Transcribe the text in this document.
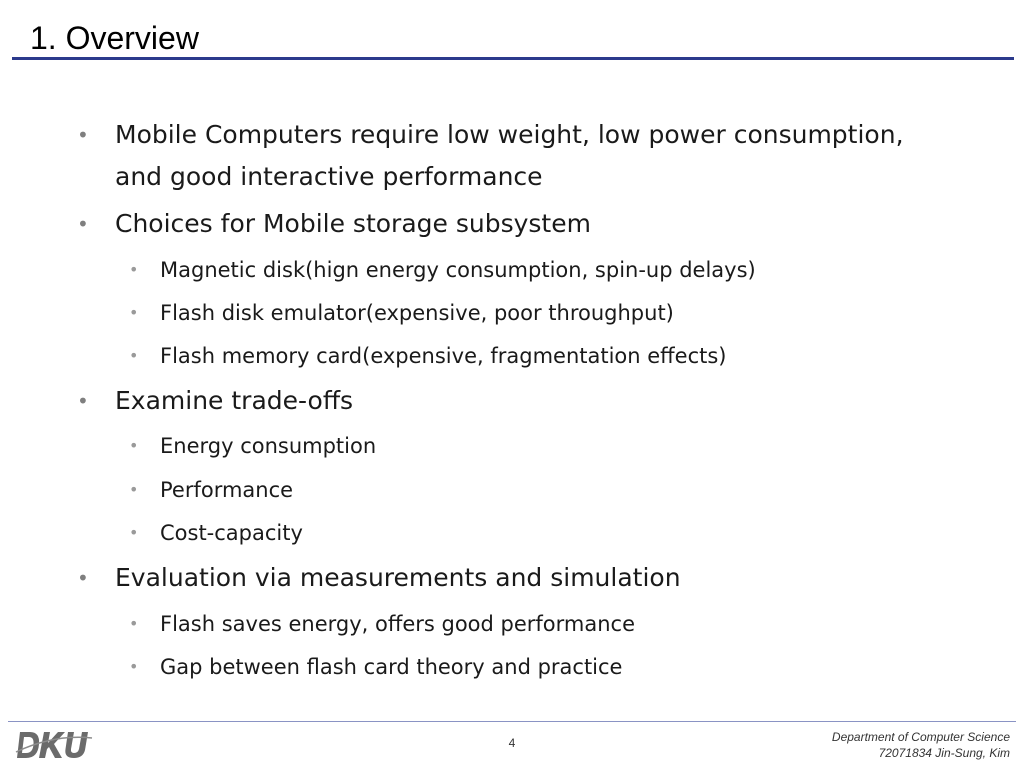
1. Overview
• Mobile Computers require low weight, low power consumption,
and good interactive performance
• Choices for Mobile storage subsystem
• Magnetic disk(hign energy consumption, spin-up delays)
• Flash disk emulator(expensive, poor throughput)
• Flash memory card(expensive, fragmentation effects)
• Examine trade-offs
• Energy consumption
• Performance
• Cost-capacity
• Evaluation via measurements and simulation
• Flash saves energy, offers good performance
• Gap between flash card theory and practice
4	Department of Computer Science
72071834 Jin-Sung, Kim
